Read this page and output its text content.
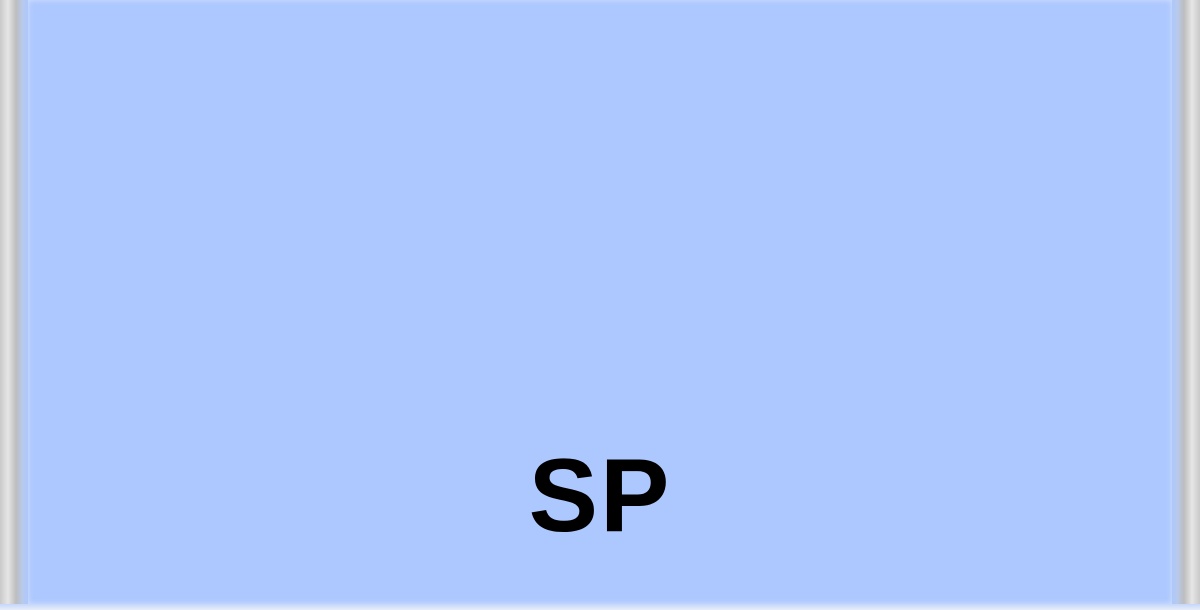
SP
